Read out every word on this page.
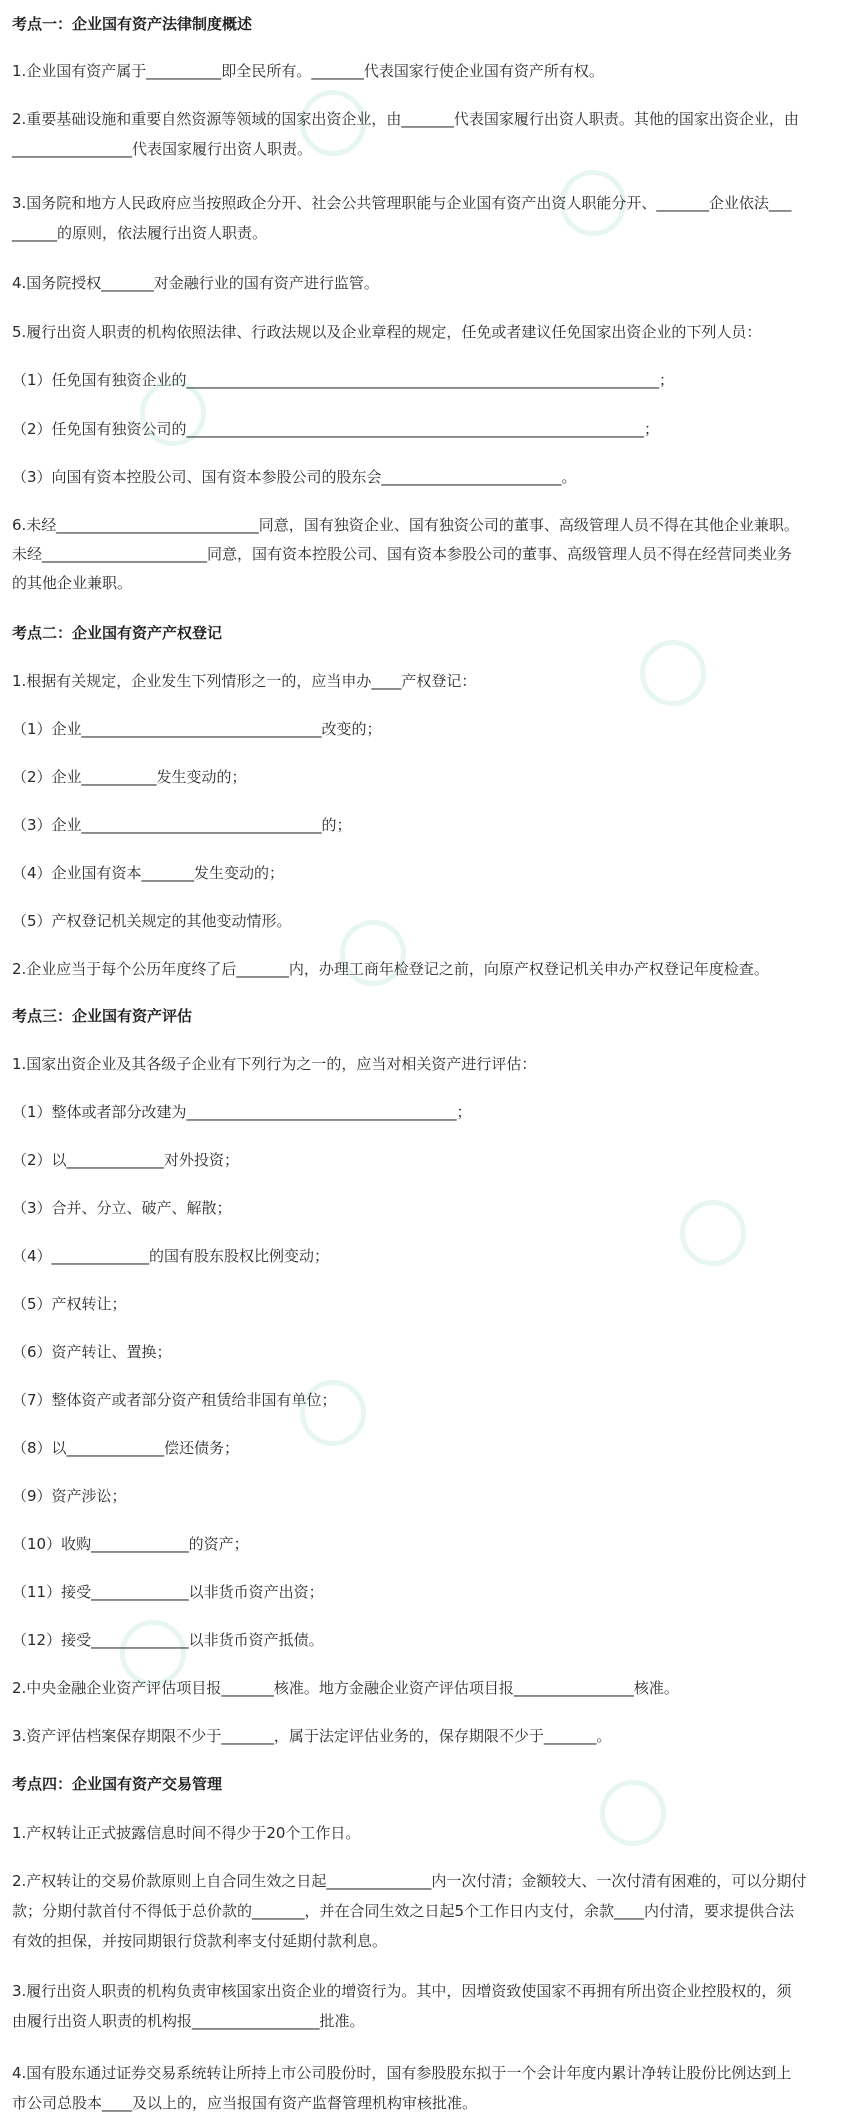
考点一：企业国有资产法律制度概述

1.企业国有资产属于__________即全民所有。_______代表国家行使企业国有资产所有权。

2.重要基础设施和重要自然资源等领域的国家出资企业，由_______代表国家履行出资人职责。其他的国家出资企业，由

________________代表国家履行出资人职责。

3.国务院和地方人民政府应当按照政企分开、社会公共管理职能与企业国有资产出资人职能分开、_______企业依法___

______的原则，依法履行出资人职责。

4.国务院授权_______对金融行业的国有资产进行监管。

5.履行出资人职责的机构依照法律、行政法规以及企业章程的规定，任免或者建议任免国家出资企业的下列人员：

（1）任免国有独资企业的_______________________________________________________________；

（2）任免国有独资公司的_____________________________________________________________；

（3）向国有资本控股公司、国有资本参股公司的股东会________________________。

6.未经___________________________同意，国有独资企业、国有独资公司的董事、高级管理人员不得在其他企业兼职。

未经______________________同意，国有资本控股公司、国有资本参股公司的董事、高级管理人员不得在经营同类业务

的其他企业兼职。

考点二：企业国有资产产权登记

1.根据有关规定，企业发生下列情形之一的，应当申办____产权登记：

（1）企业________________________________改变的；

（2）企业__________发生变动的；

（3）企业________________________________的；

（4）企业国有资本_______发生变动的；

（5）产权登记机关规定的其他变动情形。

2.企业应当于每个公历年度终了后_______内，办理工商年检登记之前，向原产权登记机关申办产权登记年度检查。

考点三：企业国有资产评估

1.国家出资企业及其各级子企业有下列行为之一的，应当对相关资产进行评估：

（1）整体或者部分改建为____________________________________；

（2）以_____________对外投资；

（3）合并、分立、破产、解散；

（4）_____________的国有股东股权比例变动；

（5）产权转让；

（6）资产转让、置换；

（7）整体资产或者部分资产租赁给非国有单位；

（8）以_____________偿还债务；

（9）资产涉讼；

（10）收购_____________的资产；

（11）接受_____________以非货币资产出资；

（12）接受_____________以非货币资产抵债。

2.中央金融企业资产评估项目报_______核准。地方金融企业资产评估项目报________________核准。

3.资产评估档案保存期限不少于_______，属于法定评估业务的，保存期限不少于_______。

考点四：企业国有资产交易管理

1.产权转让正式披露信息时间不得少于20个工作日。

2.产权转让的交易价款原则上自合同生效之日起______________内一次付清；金额较大、一次付清有困难的，可以分期付

款；分期付款首付不得低于总价款的_______，并在合同生效之日起5个工作日内支付，余款____内付清，要求提供合法

有效的担保，并按同期银行贷款利率支付延期付款利息。

3.履行出资人职责的机构负责审核国家出资企业的增资行为。其中，因增资致使国家不再拥有所出资企业控股权的，须

由履行出资人职责的机构报_________________批准。

4.国有股东通过证券交易系统转让所持上市公司股份时，国有参股股东拟于一个会计年度内累计净转让股份比例达到上

市公司总股本____及以上的，应当报国有资产监督管理机构审核批准。
